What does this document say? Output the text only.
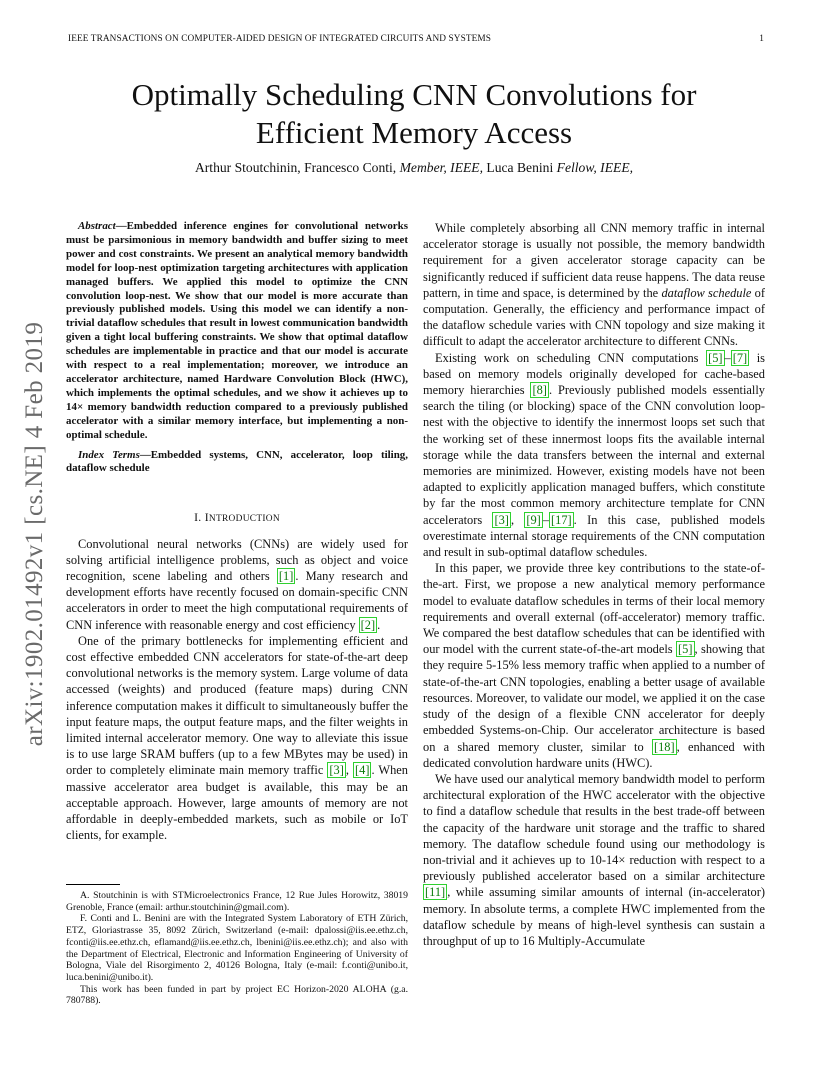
IEEE TRANSACTIONS ON COMPUTER-AIDED DESIGN OF INTEGRATED CIRCUITS AND SYSTEMS	1
Optimally Scheduling CNN Convolutions for
Efficient Memory Access
Arthur Stoutchinin, Francesco Conti, Member, IEEE, Luca Benini Fellow, IEEE,
arXiv:1902.01492v1 [cs.NE] 4 Feb 2019

Abstract—Embedded inference engines for convolutional networks must be parsimonious in memory bandwidth and buffer sizing to meet power and cost constraints. We present an analytical memory bandwidth model for loop-nest optimization targeting architectures with application managed buffers. We applied this model to optimize the CNN convolution loop-nest. We show that our model is more accurate than previously published models. Using this model we can identify a non-trivial dataflow schedules that result in lowest communication bandwidth given a tight local buffering constraints. We show that optimal dataflow schedules are implementable in practice and that our model is accurate with respect to a real implementation; moreover, we introduce an accelerator architecture, named Hardware Convolution Block (HWC), which implements the optimal schedules, and we show it achieves up to 14× memory bandwidth reduction compared to a previously published accelerator with a similar memory interface, but implementing a non-optimal schedule.

Index Terms—Embedded systems, CNN, accelerator, loop tiling, dataflow schedule

I. INTRODUCTION

Convolutional neural networks (CNNs) are widely used for solving artificial intelligence problems, such as object and voice recognition, scene labeling and others [1] . Many research and development efforts have recently focused on domain-specific CNN accelerators in order to meet the high computational requirements of CNN inference with reasonable energy and cost efficiency [2] .

One of the primary bottlenecks for implementing efficient and cost effective embedded CNN accelerators for state-of-the-art deep convolutional networks is the memory system. Large volume of data accessed (weights) and produced (feature maps) during CNN inference computation makes it difficult to simultaneously buffer the input feature maps, the output feature maps, and the filter weights in limited internal accelerator memory. One way to alleviate this issue is to use large SRAM buffers (up to a few MBytes may be used) in order to completely eliminate main memory traffic [3] , [4] . When massive accelerator area budget is available, this may be an acceptable approach. However, large amounts of memory are not affordable in deeply-embedded markets, such as mobile or IoT clients, for example.

A. Stoutchinin is with STMicroelectronics France, 12 Rue Jules Horowitz, 38019 Grenoble, France (email: arthur.stoutchinin@gmail.com).

F. Conti and L. Benini are with the Integrated System Laboratory of ETH Zürich, ETZ, Gloriastrasse 35, 8092 Zürich, Switzerland (e-mail: dpalossi@iis.ee.ethz.ch, fconti@iis.ee.ethz.ch, eflamand@iis.ee.ethz.ch, lbenini@iis.ee.ethz.ch); and also with the Department of Electrical, Electronic and Information Engineering of University of Bologna, Viale del Risorgimento 2, 40126 Bologna, Italy (e-mail: f.conti@unibo.it, luca.benini@unibo.it).

This work has been funded in part by project EC Horizon-2020 ALOHA (g.a. 780788).

While completely absorbing all CNN memory traffic in internal accelerator storage is usually not possible, the memory bandwidth requirement for a given accelerator storage capacity can be significantly reduced if sufficient data reuse happens. The data reuse pattern, in time and space, is determined by the dataflow schedule of computation. Generally, the efficiency and performance impact of the dataflow schedule varies with CNN topology and size making it difficult to adapt the accelerator architecture to different CNNs.

Existing work on scheduling CNN computations [5] – [7] is based on memory models originally developed for cache-based memory hierarchies [8] . Previously published models essentially search the tiling (or blocking) space of the CNN convolution loop-nest with the objective to identify the innermost loops set such that the working set of these innermost loops fits the available internal storage while the data transfers between the internal and external memories are minimized. However, existing models have not been adapted to explicitly application managed buffers, which constitute by far the most common memory architecture template for CNN accelerators [3] , [9] – [17] . In this case, published models overestimate internal storage requirements of the CNN computation and result in sub-optimal dataflow schedules.

In this paper, we provide three key contributions to the state-of-the-art. First, we propose a new analytical memory performance model to evaluate dataflow schedules in terms of their local memory requirements and overall external (off-accelerator) memory traffic. We compared the best dataflow schedules that can be identified with our model with the current state-of-the-art models [5] , showing that they require 5-15% less memory traffic when applied to a number of state-of-the-art CNN topologies, enabling a better usage of available resources. Moreover, to validate our model, we applied it on the case study of the design of a flexible CNN accelerator for deeply embedded Systems-on-Chip. Our accelerator architecture is based on a shared memory cluster, similar to [18] , enhanced with dedicated convolution hardware units (HWC).

We have used our analytical memory bandwidth model to perform architectural exploration of the HWC accelerator with the objective to find a dataflow schedule that results in the best trade-off between the capacity of the hardware unit storage and the traffic to shared memory. The dataflow schedule found using our methodology is non-trivial and it achieves up to 10-14× reduction with respect to a previously published accelerator based on a similar architecture [11] , while assuming similar amounts of internal (in-accelerator) memory. In absolute terms, a complete HWC implemented from the dataflow schedule by means of high-level synthesis can sustain a throughput of up to 16 Multiply-Accumulate
